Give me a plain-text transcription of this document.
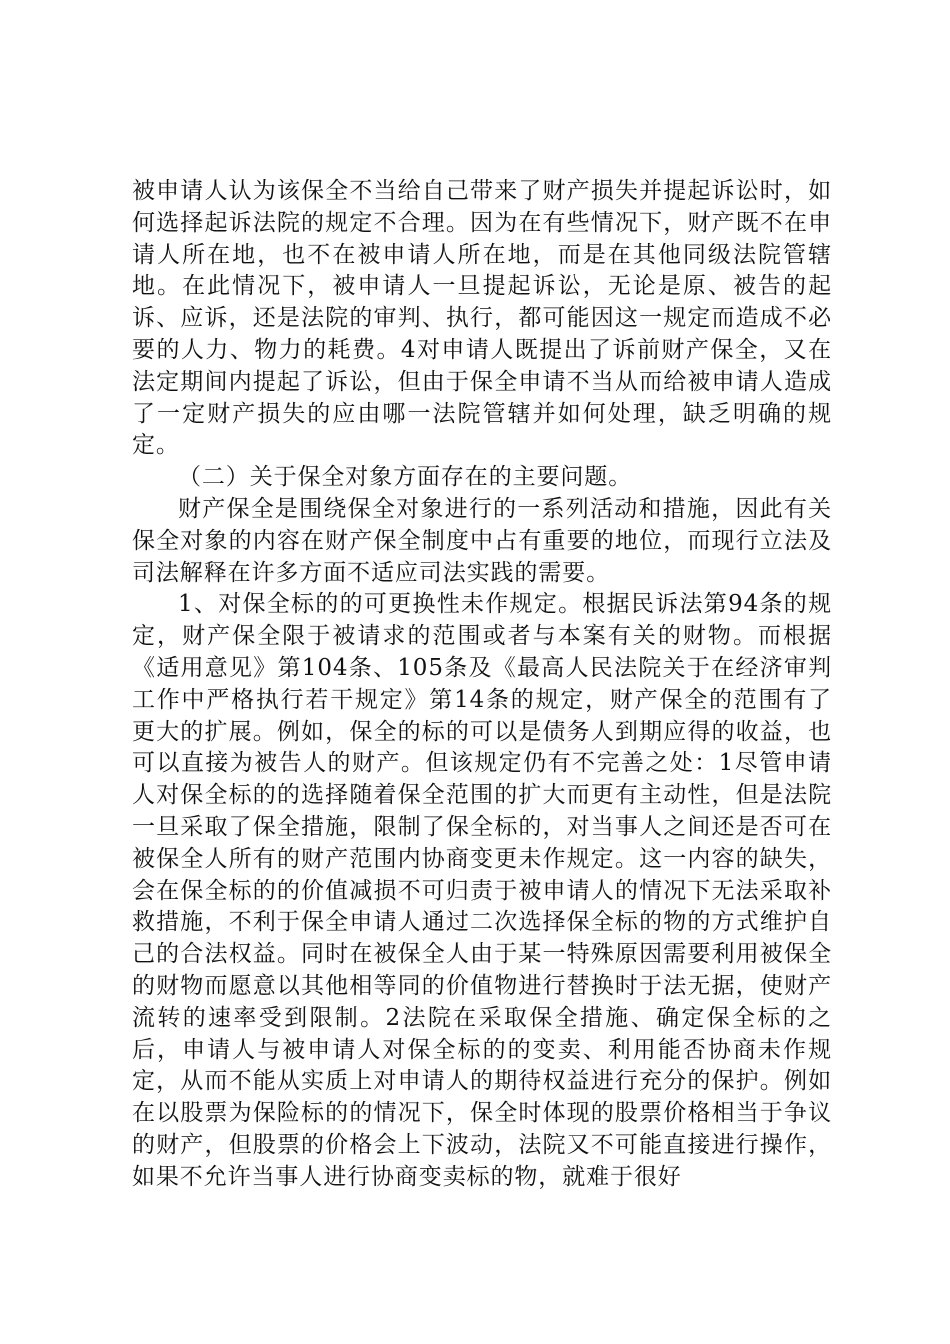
被申请人认为该保全不当给自己带来了财产损失并提起诉讼时，如何选择起诉法院的规定不合理。因为在有些情况下，财产既不在申请人所在地，也不在被申请人所在地，而是在其他同级法院管辖地。在此情况下，被申请人一旦提起诉讼，无论是原、被告的起诉、应诉，还是法院的审判、执行，都可能因这一规定而造成不必要的人力、物力的耗费。4对申请人既提出了诉前财产保全，又在法定期间内提起了诉讼，但由于保全申请不当从而给被申请人造成了一定财产损失的应由哪一法院管辖并如何处理，缺乏明确的规定。

（二）关于保全对象方面存在的主要问题。

财产保全是围绕保全对象进行的一系列活动和措施，因此有关保全对象的内容在财产保全制度中占有重要的地位，而现行立法及司法解释在许多方面不适应司法实践的需要。

1、对保全标的的可更换性未作规定。根据民诉法第94条的规定，财产保全限于被请求的范围或者与本案有关的财物。而根据《适用意见》第104条、105条及《最高人民法院关于在经济审判工作中严格执行若干规定》第14条的规定，财产保全的范围有了更大的扩展。例如，保全的标的可以是债务人到期应得的收益，也可以直接为被告人的财产。但该规定仍有不完善之处：1尽管申请人对保全标的的选择随着保全范围的扩大而更有主动性，但是法院一旦采取了保全措施，限制了保全标的，对当事人之间还是否可在被保全人所有的财产范围内协商变更未作规定。这一内容的缺失，会在保全标的的价值减损不可归责于被申请人的情况下无法采取补救措施，不利于保全申请人通过二次选择保全标的物的方式维护自己的合法权益。同时在被保全人由于某一特殊原因需要利用被保全的财物而愿意以其他相等同的价值物进行替换时于法无据，使财产流转的速率受到限制。2法院在采取保全措施、确定保全标的之后，申请人与被申请人对保全标的的变卖、利用能否协商未作规定，从而不能从实质上对申请人的期待权益进行充分的保护。例如在以股票为保险标的的情况下，保全时体现的股票价格相当于争议的财产，但股票的价格会上下波动，法院又不可能直接进行操作，如果不允许当事人进行协商变卖标的物，就难于很好
